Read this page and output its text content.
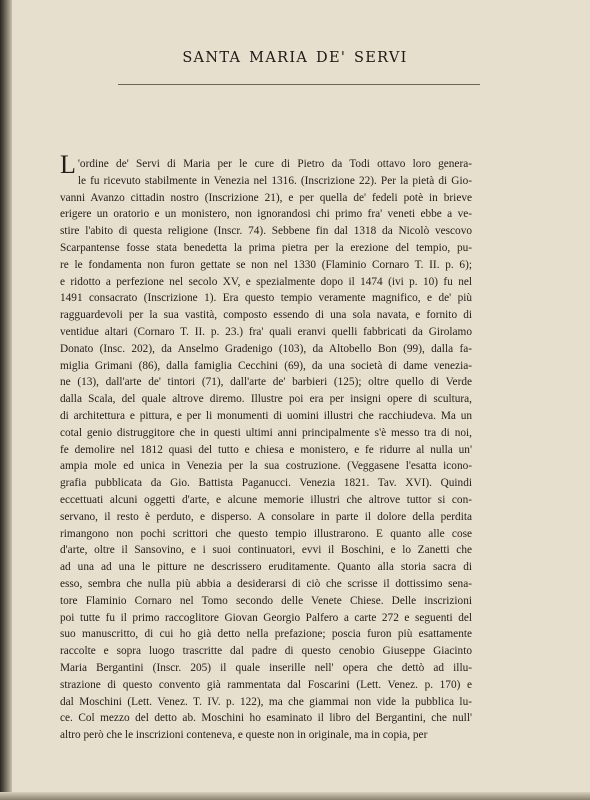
SANTA MARIA DE' SERVI
L 'ordine de' Servi di Maria per le cure di Pietro da Todi ottavo loro genera-
le fu ricevuto stabilmente in Venezia nel 1316. (Inscrizione 22). Per la pietà di Gio-
vanni Avanzo cittadin nostro (Inscrizione 21), e per quella de' fedeli potè in brieve
erigere un oratorio e un monistero, non ignorandosi chi primo fra' veneti ebbe a ve-
stire l'abito di questa religione (Inscr. 74). Sebbene fin dal 1318 da Nicolò vescovo
Scarpantense fosse stata benedetta la prima pietra per la erezione del tempio, pu-
re le fondamenta non furon gettate se non nel 1330 (Flaminio Cornaro T. II. p. 6);
e ridotto a perfezione nel secolo XV, e spezialmente dopo il 1474 (ivi p. 10) fu nel
1491 consacrato (Inscrizione 1). Era questo tempio veramente magnifico, e de' più
ragguardevoli per la sua vastità, composto essendo di una sola navata, e fornito di
ventidue altari (Cornaro T. II. p. 23.) fra' quali eranvi quelli fabbricati da Girolamo
Donato (Insc. 202), da Anselmo Gradenigo (103), da Altobello Bon (99), dalla fa-
miglia Grimani (86), dalla famiglia Cecchini (69), da una società di dame venezia-
ne (13), dall'arte de' tintori (71), dall'arte de' barbieri (125); oltre quello di Verde
dalla Scala, del quale altrove diremo. Illustre poi era per insigni opere di scultura,
di architettura e pittura, e per li monumenti di uomini illustri che racchiudeva. Ma un
cotal genio distruggitore che in questi ultimi anni principalmente s'è messo tra di noi,
fe demolire nel 1812 quasi del tutto e chiesa e monistero, e fe ridurre al nulla un'
ampia mole ed unica in Venezia per la sua costruzione. (Veggasene l'esatta icono-
grafia pubblicata da Gio. Battista Paganucci. Venezia 1821. Tav. XVI). Quindi
eccettuati alcuni oggetti d'arte, e alcune memorie illustri che altrove tuttor si con-
servano, il resto è perduto, e disperso. A consolare in parte il dolore della perdita
rimangono non pochi scrittori che questo tempio illustrarono. E quanto alle cose
d'arte, oltre il Sansovino, e i suoi continuatori, evvi il Boschini, e lo Zanetti che
ad una ad una le pitture ne descrissero eruditamente. Quanto alla storia sacra di
esso, sembra che nulla più abbia a desiderarsi di ciò che scrisse il dottissimo sena-
tore Flaminio Cornaro nel Tomo secondo delle Venete Chiese. Delle inscrizioni
poi tutte fu il primo raccoglitore Giovan Georgio Palfero a carte 272 e seguenti del
suo manuscritto, di cui ho già detto nella prefazione; poscia furon più esattamente
raccolte e sopra luogo trascritte dal padre di questo cenobio Giuseppe Giacinto
Maria Bergantini (Inscr. 205) il quale inserille nell' opera che dettò ad illu-
strazione di questo convento già rammentata dal Foscarini (Lett. Venez. p. 170) e
dal Moschini (Lett. Venez. T. IV. p. 122), ma che giammai non vide la pubblica lu-
ce. Col mezzo del detto ab. Moschini ho esaminato il libro del Bergantini, che null'
altro però che le inscrizioni conteneva, e queste non in originale, ma in copia, per
